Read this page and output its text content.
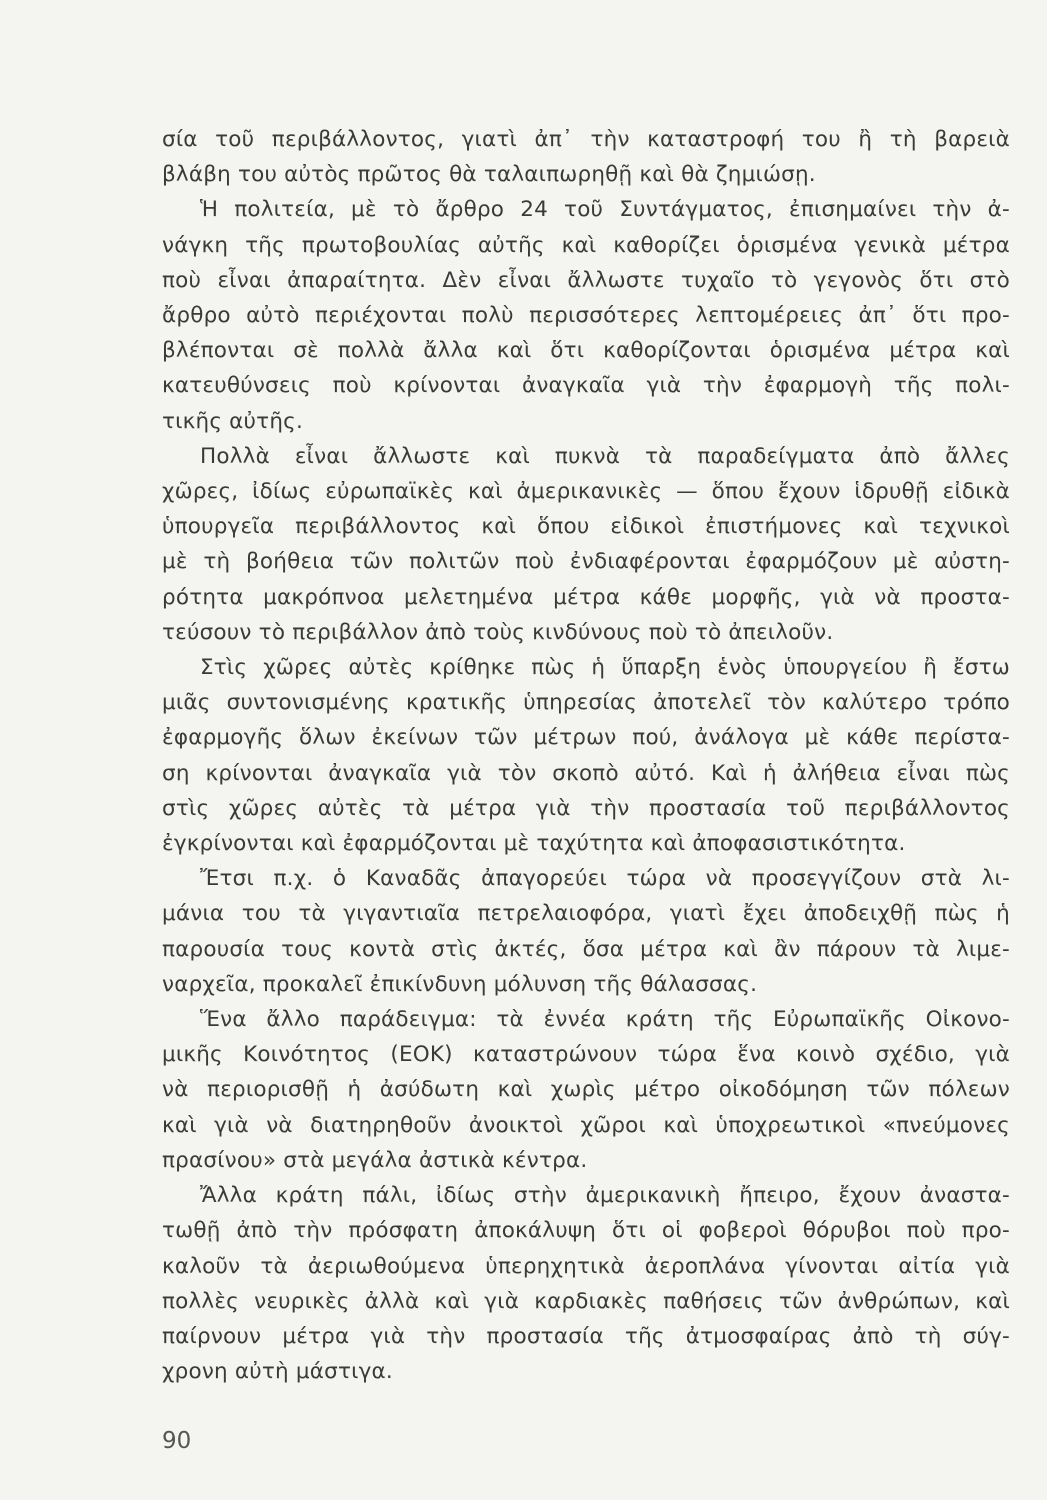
σία τοῦ περιβάλλοντος, γιατὶ ἀπ᾿ τὴν καταστροφή του ἢ τὴ βαρειὰ
βλάβη του αὐτὸς πρῶτος θὰ ταλαιπωρηθῇ καὶ θὰ ζημιώσῃ.
Ἡ πολιτεία, μὲ τὸ ἄρθρο 24 τοῦ Συντάγματος, ἐπισημαίνει τὴν ἀ-
νάγκη τῆς πρωτοβουλίας αὐτῆς καὶ καθορίζει ὁρισμένα γενικὰ μέτρα
ποὺ εἶναι ἀπαραίτητα. Δὲν εἶναι ἄλλωστε τυχαῖο τὸ γεγονὸς ὅτι στὸ
ἄρθρο αὐτὸ περιέχονται πολὺ περισσότερες λεπτομέρειες ἀπ᾿ ὅτι προ-
βλέπονται σὲ πολλὰ ἄλλα καὶ ὅτι καθορίζονται ὁρισμένα μέτρα καὶ
κατευθύνσεις ποὺ κρίνονται ἀναγκαῖα γιὰ τὴν ἐφαρμογὴ τῆς πολι-
τικῆς αὐτῆς.
Πολλὰ εἶναι ἄλλωστε καὶ πυκνὰ τὰ παραδείγματα ἀπὸ ἄλλες
χῶρες, ἰδίως εὐρωπαϊκὲς καὶ ἀμερικανικὲς — ὅπου ἔχουν ἱδρυθῇ εἰδικὰ
ὑπουργεῖα περιβάλλοντος καὶ ὅπου εἰδικοὶ ἐπιστήμονες καὶ τεχνικοὶ
μὲ τὴ βοήθεια τῶν πολιτῶν ποὺ ἐνδιαφέρονται ἐφαρμόζουν μὲ αὐστη-
ρότητα μακρόπνοα μελετημένα μέτρα κάθε μορφῆς, γιὰ νὰ προστα-
τεύσουν τὸ περιβάλλον ἀπὸ τοὺς κινδύνους ποὺ τὸ ἀπειλοῦν.
Στὶς χῶρες αὐτὲς κρίθηκε πὼς ἡ ὕπαρξη ἑνὸς ὑπουργείου ἢ ἔστω
μιᾶς συντονισμένης κρατικῆς ὑπηρεσίας ἀποτελεῖ τὸν καλύτερο τρόπο
ἐφαρμογῆς ὅλων ἐκείνων τῶν μέτρων πού, ἀνάλογα μὲ κάθε περίστα-
ση κρίνονται ἀναγκαῖα γιὰ τὸν σκοπὸ αὐτό. Καὶ ἡ ἀλήθεια εἶναι πὼς
στὶς χῶρες αὐτὲς τὰ μέτρα γιὰ τὴν προστασία τοῦ περιβάλλοντος
ἐγκρίνονται καὶ ἐφαρμόζονται μὲ ταχύτητα καὶ ἀποφασιστικότητα.
Ἔτσι π.χ. ὁ Καναδᾶς ἀπαγορεύει τώρα νὰ προσεγγίζουν στὰ λι-
μάνια του τὰ γιγαντιαῖα πετρελαιοφόρα, γιατὶ ἔχει ἀποδειχθῇ πὼς ἡ
παρουσία τους κοντὰ στὶς ἀκτές, ὅσα μέτρα καὶ ἂν πάρουν τὰ λιμε-
ναρχεῖα, προκαλεῖ ἐπικίνδυνη μόλυνση τῆς θάλασσας.
Ἕνα ἄλλο παράδειγμα: τὰ ἐννέα κράτη τῆς Εὐρωπαϊκῆς Οἰκονο-
μικῆς Κοινότητος (ΕΟΚ) καταστρώνουν τώρα ἕνα κοινὸ σχέδιο, γιὰ
νὰ περιορισθῇ ἡ ἀσύδωτη καὶ χωρὶς μέτρο οἰκοδόμηση τῶν πόλεων
καὶ γιὰ νὰ διατηρηθοῦν ἀνοικτοὶ χῶροι καὶ ὑποχρεωτικοὶ «πνεύμονες
πρασίνου» στὰ μεγάλα ἀστικὰ κέντρα.
Ἄλλα κράτη πάλι, ἰδίως στὴν ἀμερικανικὴ ἤπειρο, ἔχουν ἀναστα-
τωθῇ ἀπὸ τὴν πρόσφατη ἀποκάλυψη ὅτι οἱ φοβεροὶ θόρυβοι ποὺ προ-
καλοῦν τὰ ἀεριωθούμενα ὑπερηχητικὰ ἀεροπλάνα γίνονται αἰτία γιὰ
πολλὲς νευρικὲς ἀλλὰ καὶ γιὰ καρδιακὲς παθήσεις τῶν ἀνθρώπων, καὶ
παίρνουν μέτρα γιὰ τὴν προστασία τῆς ἀτμοσφαίρας ἀπὸ τὴ σύγ-
χρονη αὐτὴ μάστιγα.
90
